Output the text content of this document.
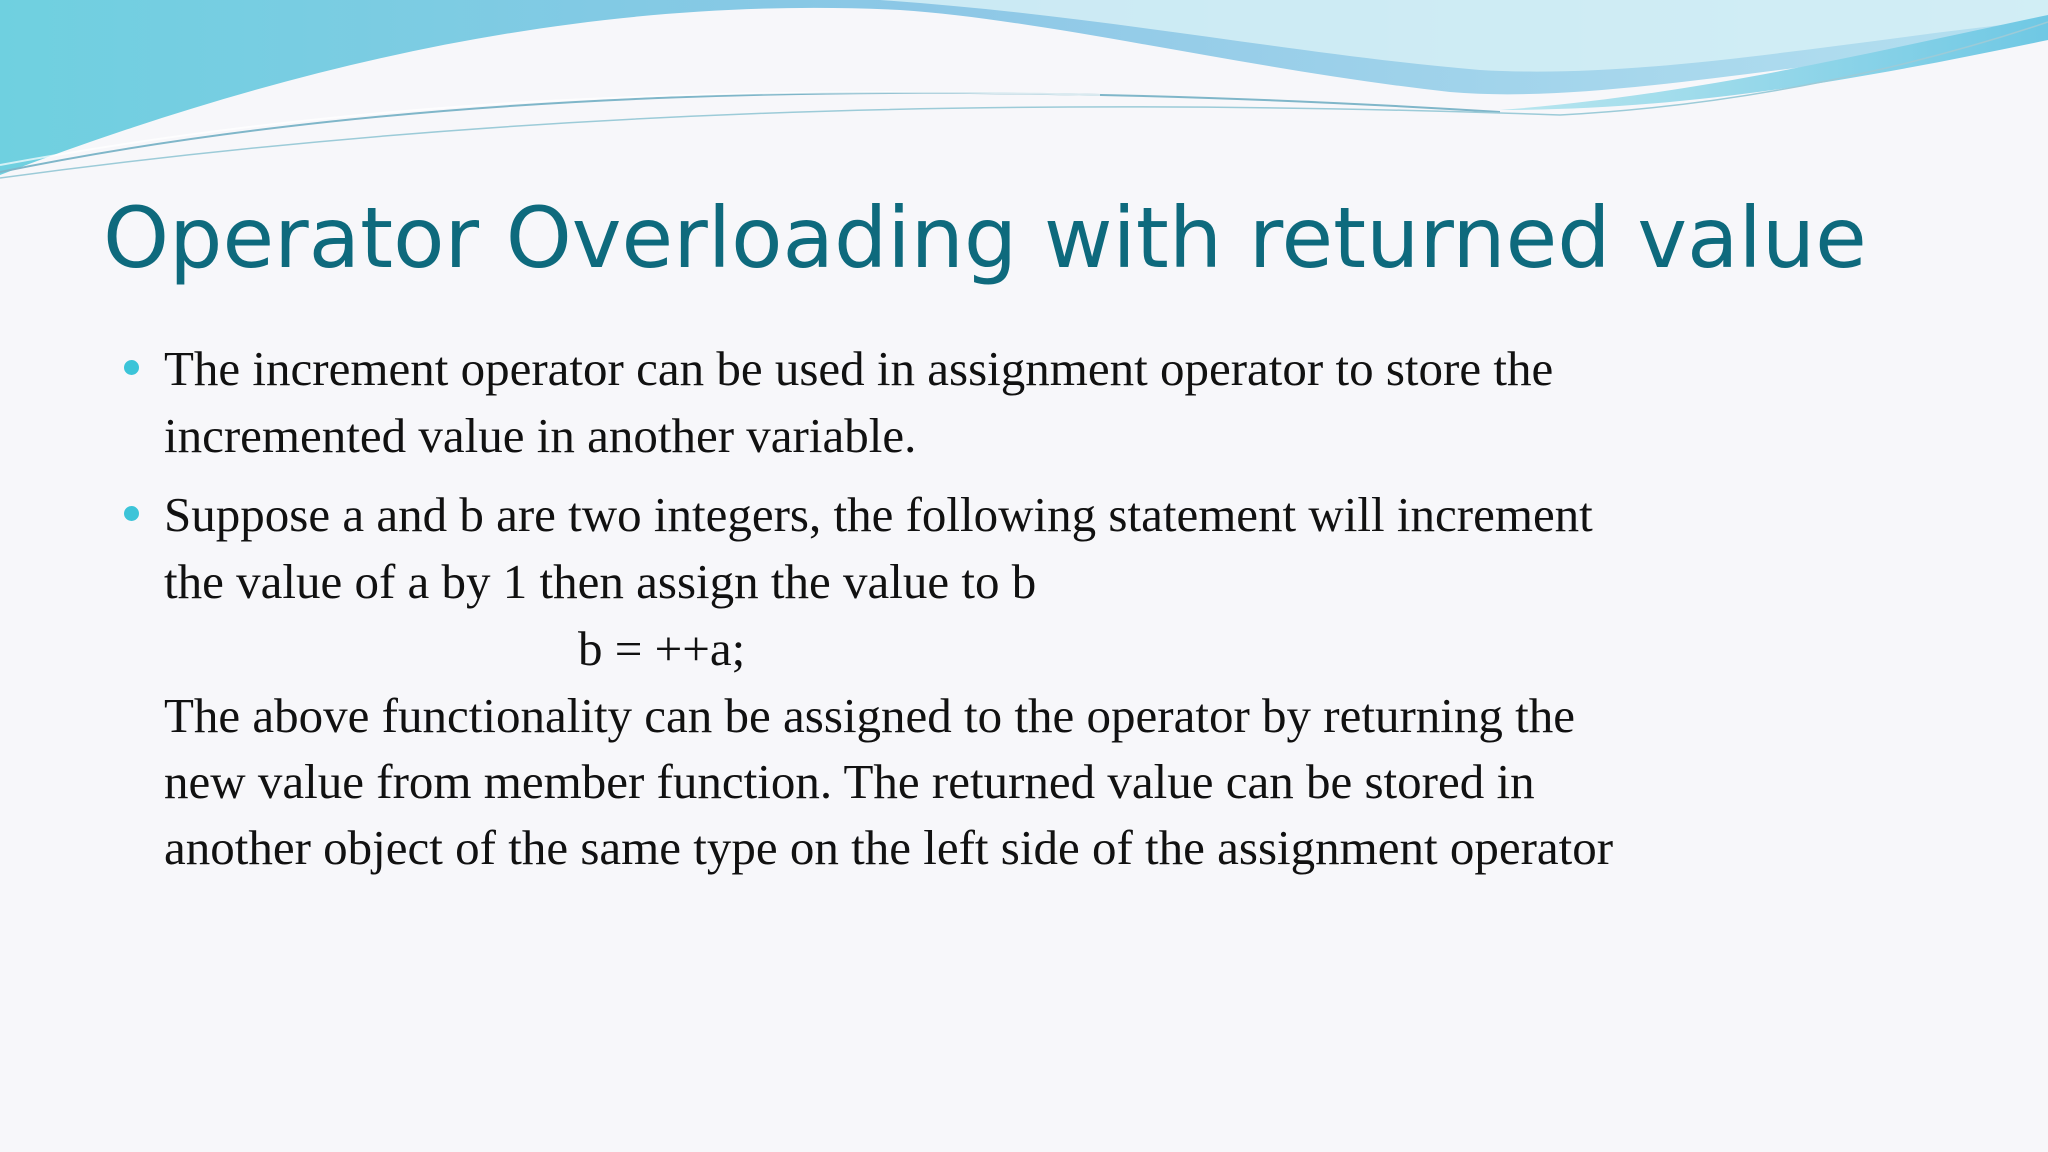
Operator Overloading with returned value
The increment operator can be used in assignment operator to store the
incremented value in another variable.
Suppose a and b are two integers, the following statement will increment
the value of a by 1 then assign the value to b
b = ++a;
The above functionality can be assigned to the operator by returning the
new value from member function. The returned value can be stored in
another object of the same type on the left side of the assignment operator
